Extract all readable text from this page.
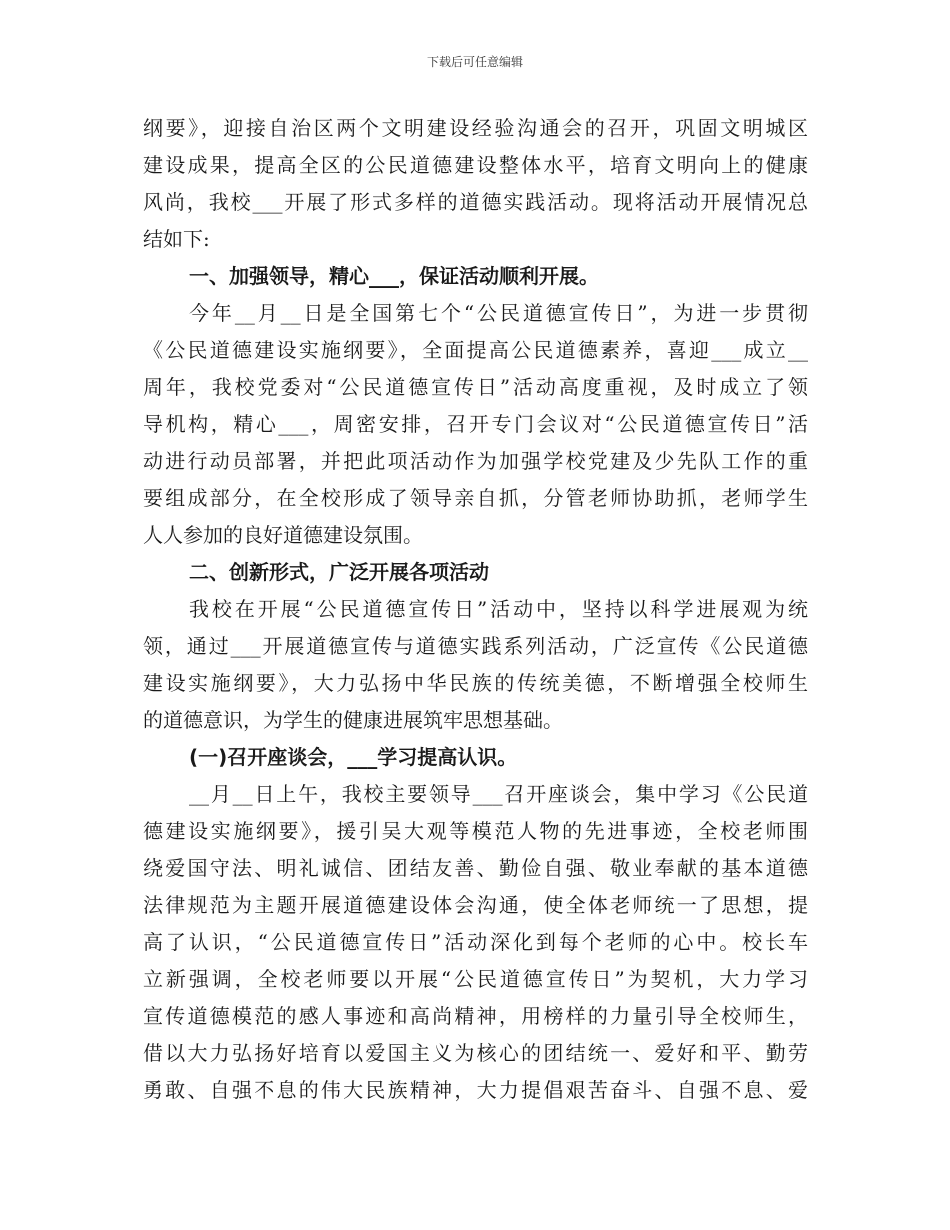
下载后可任意编辑
纲要》，迎接自治区两个文明建设经验沟通会的召开，巩固文明城区
建设成果，提高全区的公民道德建设整体水平，培育文明向上的健康
风尚，我校___开展了形式多样的道德实践活动。现将活动开展情况总
结如下:
一、加强领导，精心___，保证活动顺利开展。
今年__月__日是全国第七个“公民道德宣传日”，为进一步贯彻
《公民道德建设实施纲要》，全面提高公民道德素养，喜迎___成立__
周年，我校党委对“公民道德宣传日”活动高度重视，及时成立了领
导机构，精心___，周密安排，召开专门会议对“公民道德宣传日”活
动进行动员部署，并把此项活动作为加强学校党建及少先队工作的重
要组成部分，在全校形成了领导亲自抓，分管老师协助抓，老师学生
人人参加的良好道德建设氛围。
二、创新形式，广泛开展各项活动
我校在开展“公民道德宣传日”活动中，坚持以科学进展观为统
领，通过___开展道德宣传与道德实践系列活动，广泛宣传《公民道德
建设实施纲要》，大力弘扬中华民族的传统美德，不断增强全校师生
的道德意识，为学生的健康进展筑牢思想基础。
(一)召开座谈会，___学习提高认识。
__月__日上午，我校主要领导___召开座谈会，集中学习《公民道
德建设实施纲要》，援引吴大观等模范人物的先进事迹，全校老师围
绕爱国守法、明礼诚信、团结友善、勤俭自强、敬业奉献的基本道德
法律规范为主题开展道德建设体会沟通，使全体老师统一了思想，提
高了认识，“公民道德宣传日”活动深化到每个老师的心中。校长车
立新强调，全校老师要以开展“公民道德宣传日”为契机，大力学习
宣传道德模范的感人事迹和高尚精神，用榜样的力量引导全校师生，
借以大力弘扬好培育以爱国主义为核心的团结统一、爱好和平、勤劳
勇敢、自强不息的伟大民族精神，大力提倡艰苦奋斗、自强不息、爱
